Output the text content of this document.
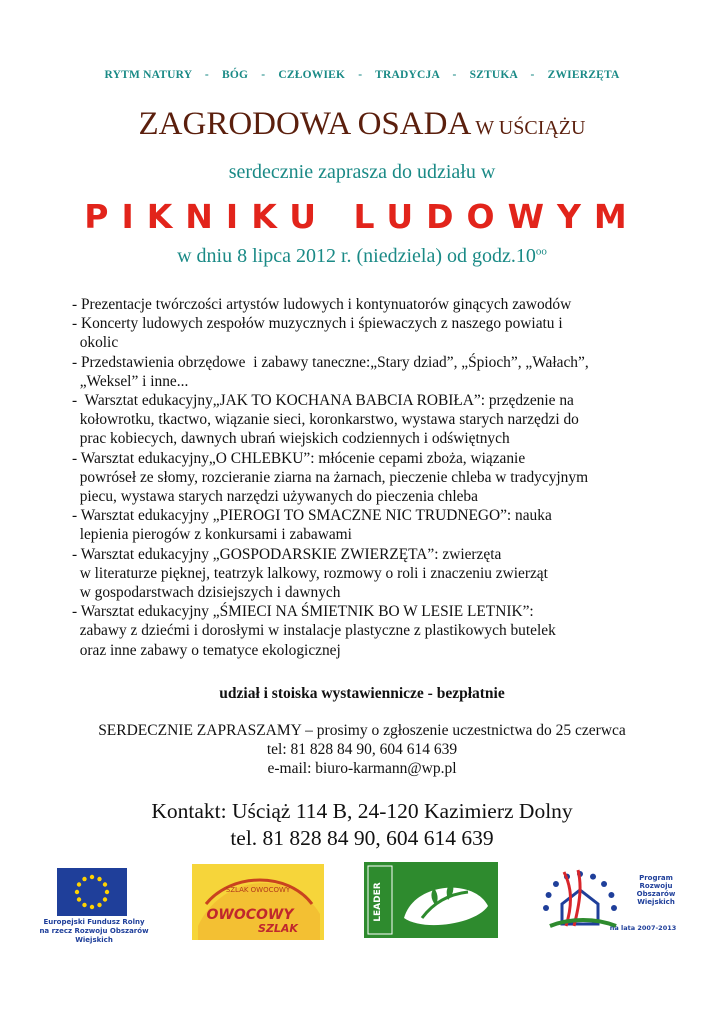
RYTM NATURY - BÓG - CZŁOWIEK - TRADYCJA - SZTUKA - ZWIERZĘTA
ZAGRODOWA OSADA W UŚCIĄŻU
serdecznie zaprasza do udziału w
PIKNIKU LUDOWYM
w dniu 8 lipca 2012 r. (niedziela) od $godz.10^{oo}$
- Prezentacje twórczości artystów ludowych i kontynuatorów ginących zawodów
- Koncerty ludowych zespołów muzycznych i śpiewaczych z naszego powiatu i
okolic
- Przedstawienia obrzędowe  i zabawy taneczne:„Stary dziad”, „Śpioch”, „Wałach”,
„Weksel” i inne...
-  Warsztat edukacyjny„JAK TO KOCHANA BABCIA ROBIŁA”: przędzenie na
kołowrotku, tkactwo, wiązanie sieci, koronkarstwo, wystawa starych narzędzi do
prac kobiecych, dawnych ubrań wiejskich codziennych i odświętnych
- Warsztat edukacyjny„O CHLEBKU”: młócenie cepami zboża, wiązanie
powróseł ze słomy, rozcieranie ziarna na żarnach, pieczenie chleba w tradycyjnym
piecu, wystawa starych narzędzi używanych do pieczenia chleba
- Warsztat edukacyjny „PIEROGI TO SMACZNE NIC TRUDNEGO”: nauka
lepienia pierogów z konkursami i zabawami
- Warsztat edukacyjny „GOSPODARSKIE ZWIERZĘTA”: zwierzęta
w literaturze pięknej, teatrzyk lalkowy, rozmowy o roli i znaczeniu zwierząt
w gospodarstwach dzisiejszych i dawnych
- Warsztat edukacyjny „ŚMIECI NA ŚMIETNIK BO W LESIE LETNIK”:
zabawy z dziećmi i dorosłymi w instalacje plastyczne z plastikowych butelek
oraz inne zabawy o tematyce ekologicznej
udział i stoiska wystawiennicze - bezpłatnie
SERDECZNIE ZAPRASZAMY – prosimy o zgłoszenie uczestnictwa do 25 czerwca
tel: 81 828 84 90, 604 614 639
e-mail: biuro-karmann@wp.pl
Kontakt: Uściąż 114 B, 24-120 Kazimierz Dolny
tel. 81 828 84 90, 604 614 639
Europejski Fundusz Rolny
na rzecz Rozwoju Obszarów Wiejskich
SZLAK OWOCOWY
OWOCOWY
SZLAK
LEADER
Program
Rozwoju
Obszarów
Wiejskich
na lata 2007-2013
